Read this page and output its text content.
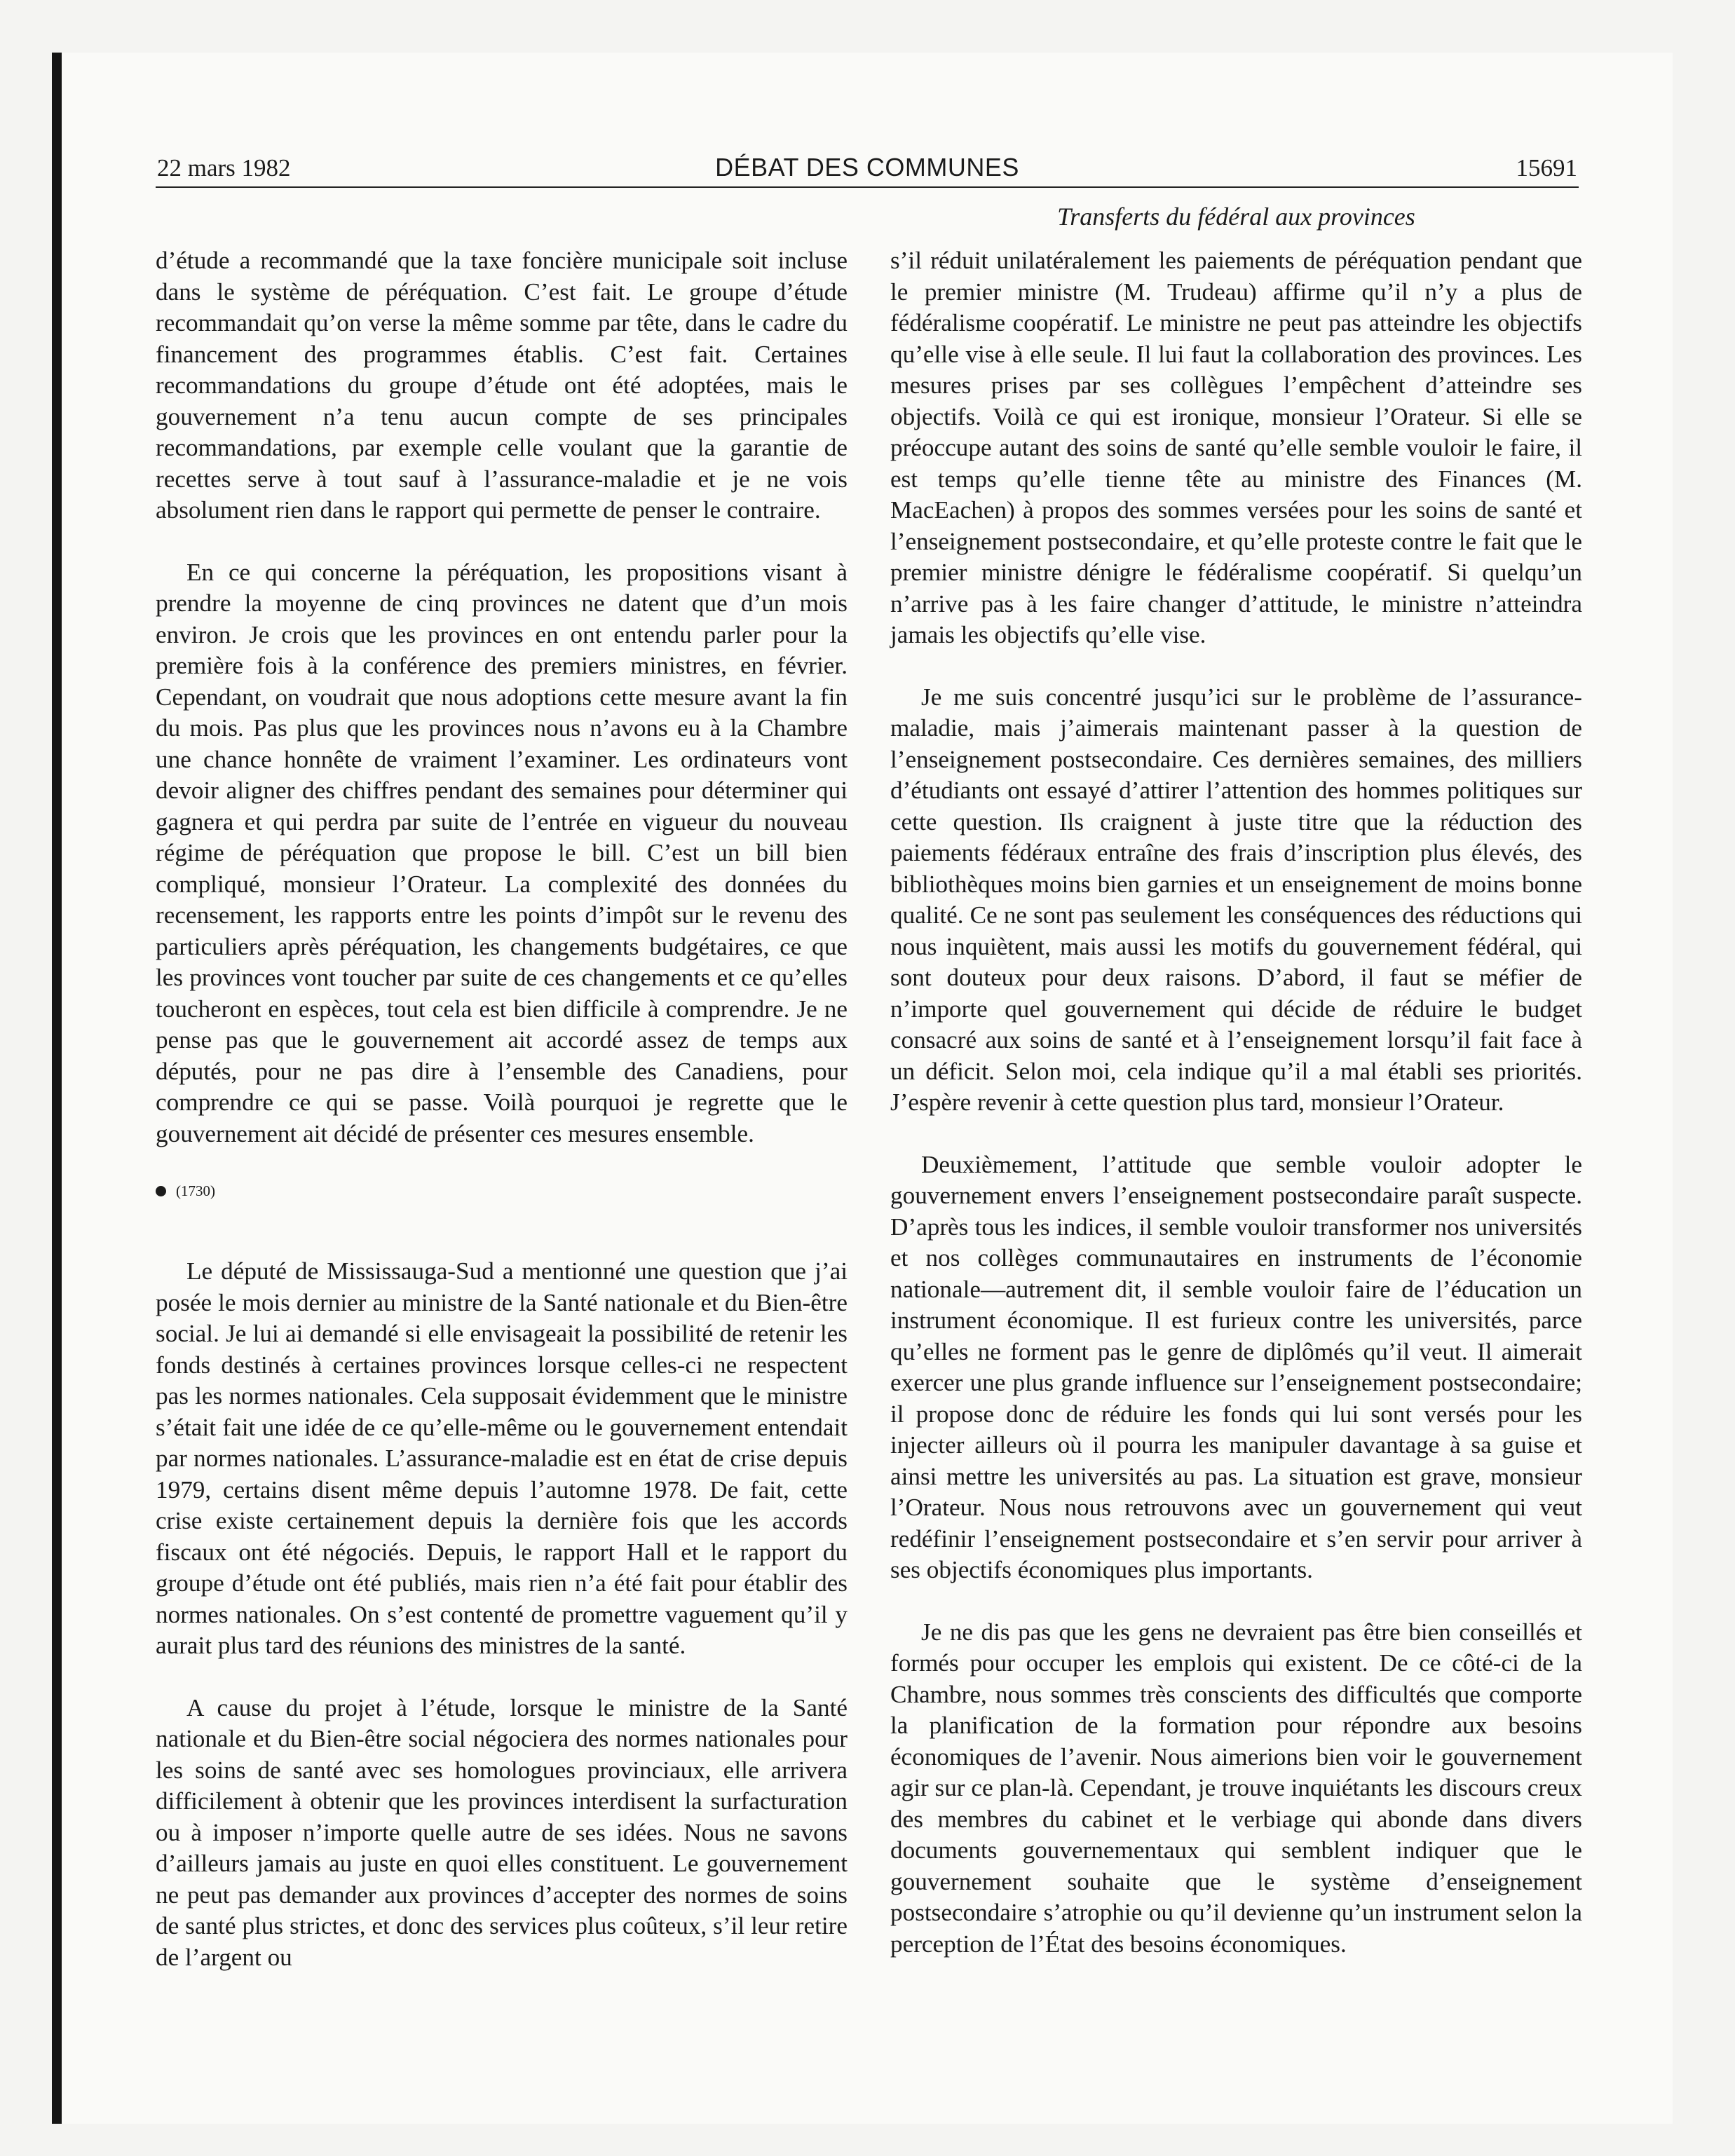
22 mars 1982	DÉBAT DES COMMUNES	15691
Transferts du fédéral aux provinces

d’étude a recommandé que la taxe foncière municipale soit incluse dans le système de péréquation. C’est fait. Le groupe d’étude recommandait qu’on verse la même somme par tête, dans le cadre du financement des programmes établis. C’est fait. Certaines recommandations du groupe d’étude ont été adoptées, mais le gouvernement n’a tenu aucun compte de ses principales recommandations, par exemple celle voulant que la garantie de recettes serve à tout sauf à l’assurance-maladie et je ne vois absolument rien dans le rapport qui permette de penser le contraire.

En ce qui concerne la péréquation, les propositions visant à prendre la moyenne de cinq provinces ne datent que d’un mois environ. Je crois que les provinces en ont entendu parler pour la première fois à la conférence des premiers ministres, en février. Cependant, on voudrait que nous adoptions cette mesure avant la fin du mois. Pas plus que les provinces nous n’avons eu à la Chambre une chance honnête de vraiment l’examiner. Les ordinateurs vont devoir aligner des chiffres pendant des semaines pour déterminer qui gagnera et qui perdra par suite de l’entrée en vigueur du nouveau régime de péréquation que propose le bill. C’est un bill bien compliqué, monsieur l’Orateur. La complexité des données du recensement, les rapports entre les points d’impôt sur le revenu des particuliers après péréquation, les changements budgétaires, ce que les provinces vont toucher par suite de ces changements et ce qu’elles toucheront en espèces, tout cela est bien difficile à comprendre. Je ne pense pas que le gouvernement ait accordé assez de temps aux députés, pour ne pas dire à l’ensemble des Canadiens, pour comprendre ce qui se passe. Voilà pourquoi je regrette que le gouvernement ait décidé de présenter ces mesures ensemble.

(1730)

Le député de Mississauga-Sud a mentionné une question que j’ai posée le mois dernier au ministre de la Santé nationale et du Bien-être social. Je lui ai demandé si elle envisageait la possibilité de retenir les fonds destinés à certaines provinces lorsque celles-ci ne respectent pas les normes nationales. Cela supposait évidemment que le ministre s’était fait une idée de ce qu’elle-même ou le gouvernement entendait par normes nationales. L’assurance-maladie est en état de crise depuis 1979, certains disent même depuis l’automne 1978. De fait, cette crise existe certainement depuis la dernière fois que les accords fiscaux ont été négociés. Depuis, le rapport Hall et le rapport du groupe d’étude ont été publiés, mais rien n’a été fait pour établir des normes nationales. On s’est contenté de promettre vaguement qu’il y aurait plus tard des réunions des ministres de la santé.

A cause du projet à l’étude, lorsque le ministre de la Santé nationale et du Bien-être social négociera des normes nationales pour les soins de santé avec ses homologues provinciaux, elle arrivera difficilement à obtenir que les provinces interdisent la surfacturation ou à imposer n’importe quelle autre de ses idées. Nous ne savons d’ailleurs jamais au juste en quoi elles constituent. Le gouvernement ne peut pas demander aux provinces d’accepter des normes de soins de santé plus strictes, et donc des services plus coûteux, s’il leur retire de l’argent ou

s’il réduit unilatéralement les paiements de péréquation pendant que le premier ministre (M. Trudeau) affirme qu’il n’y a plus de fédéralisme coopératif. Le ministre ne peut pas atteindre les objectifs qu’elle vise à elle seule. Il lui faut la collaboration des provinces. Les mesures prises par ses collègues l’empêchent d’atteindre ses objectifs. Voilà ce qui est ironique, monsieur l’Orateur. Si elle se préoccupe autant des soins de santé qu’elle semble vouloir le faire, il est temps qu’elle tienne tête au ministre des Finances (M. MacEachen) à propos des sommes versées pour les soins de santé et l’enseignement postsecondaire, et qu’elle proteste contre le fait que le premier ministre dénigre le fédéralisme coopératif. Si quelqu’un n’arrive pas à les faire changer d’attitude, le ministre n’atteindra jamais les objectifs qu’elle vise.

Je me suis concentré jusqu’ici sur le problème de l’assurance-maladie, mais j’aimerais maintenant passer à la question de l’enseignement postsecondaire. Ces dernières semaines, des milliers d’étudiants ont essayé d’attirer l’attention des hommes politiques sur cette question. Ils craignent à juste titre que la réduction des paiements fédéraux entraîne des frais d’inscription plus élevés, des bibliothèques moins bien garnies et un enseignement de moins bonne qualité. Ce ne sont pas seulement les conséquences des réductions qui nous inquiètent, mais aussi les motifs du gouvernement fédéral, qui sont douteux pour deux raisons. D’abord, il faut se méfier de n’importe quel gouvernement qui décide de réduire le budget consacré aux soins de santé et à l’enseignement lorsqu’il fait face à un déficit. Selon moi, cela indique qu’il a mal établi ses priorités. J’espère revenir à cette question plus tard, monsieur l’Orateur.

Deuxièmement, l’attitude que semble vouloir adopter le gouvernement envers l’enseignement postsecondaire paraît suspecte. D’après tous les indices, il semble vouloir transformer nos universités et nos collèges communautaires en instruments de l’économie nationale—autrement dit, il semble vouloir faire de l’éducation un instrument économique. Il est furieux contre les universités, parce qu’elles ne forment pas le genre de diplômés qu’il veut. Il aimerait exercer une plus grande influence sur l’enseignement postsecondaire; il propose donc de réduire les fonds qui lui sont versés pour les injecter ailleurs où il pourra les manipuler davantage à sa guise et ainsi mettre les universités au pas. La situation est grave, monsieur l’Orateur. Nous nous retrouvons avec un gouvernement qui veut redéfinir l’enseignement postsecondaire et s’en servir pour arriver à ses objectifs économiques plus importants.

Je ne dis pas que les gens ne devraient pas être bien conseillés et formés pour occuper les emplois qui existent. De ce côté-ci de la Chambre, nous sommes très conscients des difficultés que comporte la planification de la formation pour répondre aux besoins économiques de l’avenir. Nous aimerions bien voir le gouvernement agir sur ce plan-là. Cependant, je trouve inquiétants les discours creux des membres du cabinet et le verbiage qui abonde dans divers documents gouvernementaux qui semblent indiquer que le gouvernement souhaite que le système d’enseignement postsecondaire s’atrophie ou qu’il devienne qu’un instrument selon la perception de l’État des besoins économiques.
